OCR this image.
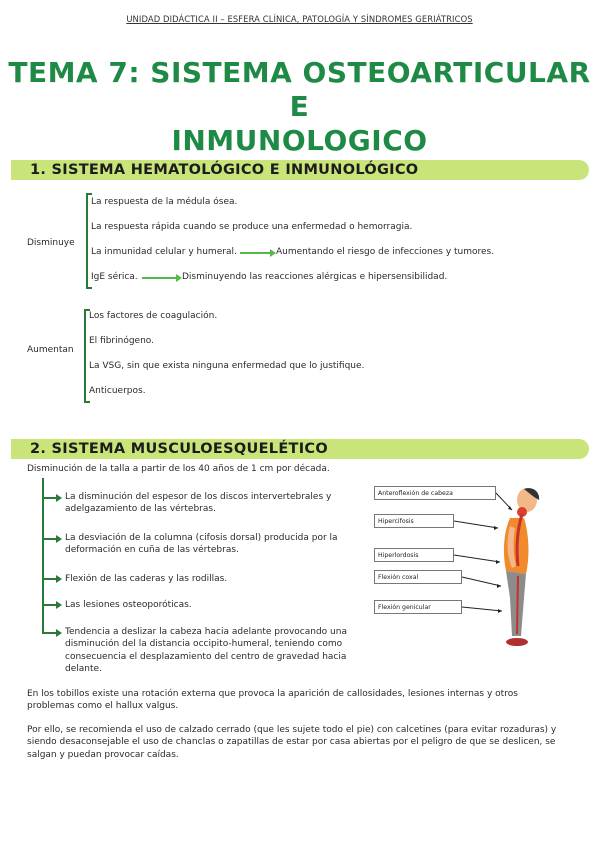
UNIDAD DIDÁCTICA II – ESFERA CLÍNICA, PATOLOGÍA Y SÍNDROMES GERIÁTRICOS
TEMA 7: SISTEMA OSTEOARTICULAR E
INMUNOLOGICO
1. SISTEMA HEMATOLÓGICO E INMUNOLÓGICO
Disminuye
La respuesta de la médula ósea.
La respuesta rápida cuando se produce una enfermedad o hemorragia.
La inmunidad celular y humeral.	Aumentando el riesgo de infecciones y tumores.
IgE sérica.	Disminuyendo las reacciones alérgicas e hipersensibilidad.
Aumentan
Los factores de coagulación.
El fibrinógeno.
La VSG, sin que exista ninguna enfermedad que lo justifique.
Anticuerpos.
2. SISTEMA MUSCULOESQUELÉTICO
Disminución de la talla a partir de los 40 años de 1 cm por década.
La disminución del espesor de los discos intervertebrales y adelgazamiento de las vértebras.
La desviación de la columna (cifosis dorsal) producida por la deformación en cuña de las vértebras.
Flexión de las caderas y las rodillas.
Las lesiones osteoporóticas.
Tendencia a deslizar la cabeza hacia adelante provocando una disminución del la distancia occipito-humeral, teniendo como consecuencia el desplazamiento del centro de gravedad hacia delante.
Anteroflexión de cabeza
Hipercifosis
Hiperlordosis
Flexión coxal
Flexión genicular
En los tobillos existe una rotación externa que provoca la aparición de callosidades, lesiones internas y otros problemas como el hallux valgus.
Por ello, se recomienda el uso de calzado cerrado (que les sujete todo el pie) con calcetines (para evitar rozaduras) y siendo desaconsejable el uso de chanclas o zapatillas de estar por casa abiertas por el peligro de que se deslicen, se salgan y puedan provocar caídas.
